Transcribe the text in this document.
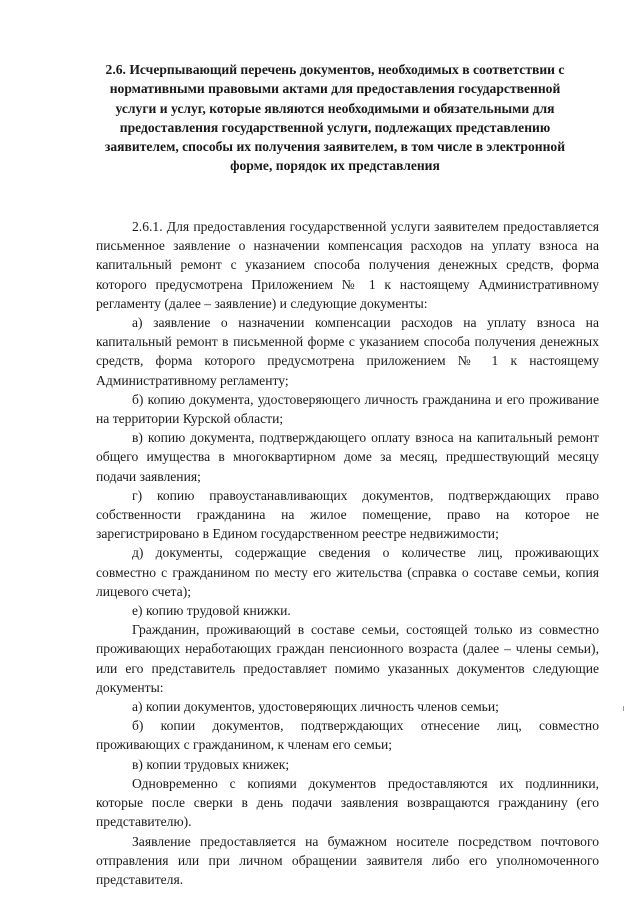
2.6. Исчерпывающий перечень документов, необходимых в соответствии с нормативными правовыми актами для предоставления государственной услуги и услуг, которые являются необходимыми и обязательными для предоставления государственной услуги, подлежащих представлению заявителем, способы их получения заявителем, в том числе в электронной форме, порядок их представления

2.6.1. Для предоставления государственной услуги заявителем предоставляется письменное заявление о назначении компенсация расходов на уплату взноса на капитальный ремонт с указанием способа получения денежных средств, форма которого предусмотрена Приложением № 1 к настоящему Административному регламенту (далее – заявление) и следующие документы:

а) заявление о назначении компенсации расходов на уплату взноса на капитальный ремонт в письменной форме с указанием способа получения денежных средств, форма которого предусмотрена приложением № 1 к настоящему Административному регламенту;

б) копию документа, удостоверяющего личность гражданина и его проживание на территории Курской области;

в) копию документа, подтверждающего оплату взноса на капитальный ремонт общего имущества в многоквартирном доме за месяц, предшествующий месяцу подачи заявления;

г) копию правоустанавливающих документов, подтверждающих право собственности гражданина на жилое помещение, право на которое не зарегистрировано в Едином государственном реестре недвижимости;

д) документы, содержащие сведения о количестве лиц, проживающих совместно с гражданином по месту его жительства (справка о составе семьи, копия лицевого счета);

е) копию трудовой книжки.

Гражданин, проживающий в составе семьи, состоящей только из совместно проживающих неработающих граждан пенсионного возраста (далее – члены семьи), или его представитель предоставляет помимо указанных документов следующие документы:

а) копии документов, удостоверяющих личность членов семьи;

б) копии документов, подтверждающих отнесение лиц, совместно проживающих с гражданином, к членам его семьи;

в) копии трудовых книжек;

Одновременно с копиями документов предоставляются их подлинники, которые после сверки в день подачи заявления возвращаются гражданину (его представителю).

Заявление предоставляется на бумажном носителе посредством почтового отправления или при личном обращении заявителя либо его уполномоченного представителя.
